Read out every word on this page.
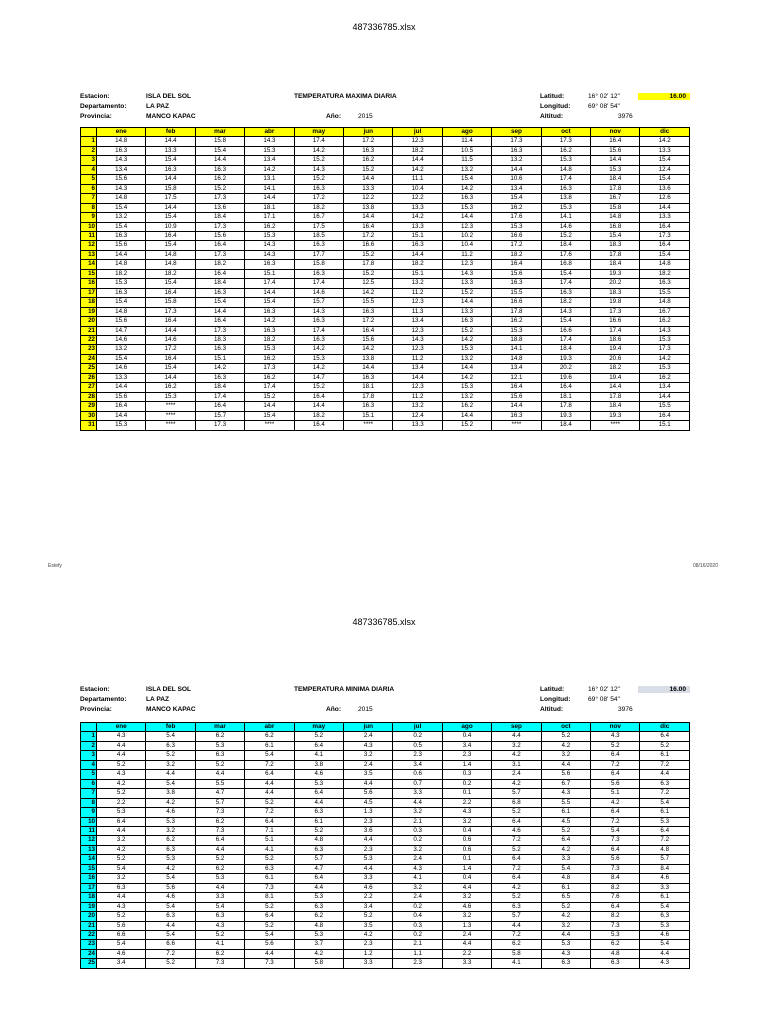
487336785.xlsx
Estacion:	ISLA DEL SOL	TEMPERATURA MAXIMA DIARIA	Latitud:	16° 02' 12''	16.00
Departamento:	LA PAZ	Longitud:	69° 08' 54''
Provincia:	MANCO KAPAC	Año:	2015	Altitud:	3976
	ene	feb	mar	abr	may	jun	jul	ago	sep	oct	nov	dic
1	14.8	14.4	15.8	14.3	17.4	17.2	12.3	11.4	17.3	17.3	16.4	14.2
2	16.3	13.3	15.4	15.3	14.2	16.3	18.2	10.5	16.3	16.2	15.6	13.3
3	14.3	15.4	14.4	13.4	15.2	16.2	14.4	11.5	13.2	15.3	14.4	15.4
4	13.4	16.3	16.3	14.2	14.3	15.2	14.2	13.2	14.4	14.8	15.3	12.4
5	15.6	14.4	16.2	13.1	15.2	14.4	11.1	15.4	10.6	17.4	18.4	15.4
6	14.3	15.8	15.2	14.1	16.3	13.3	10.4	14.2	13.4	16.3	17.8	13.6
7	14.8	17.5	17.3	14.4	17.2	12.2	12.2	16.3	15.4	13.8	16.7	12.6
8	15.4	14.4	13.6	18.1	18.2	13.8	13.3	15.3	16.2	15.3	15.8	14.4
9	13.2	15.4	18.4	17.1	16.7	14.4	14.2	14.4	17.6	14.1	14.8	13.3
10	15.4	10.9	17.3	16.2	17.5	16.4	13.3	12.3	15.3	14.6	16.8	16.4
11	16.3	16.4	15.6	15.3	18.5	17.2	15.1	10.2	16.6	15.2	15.4	17.3
12	15.6	15.4	16.4	14.3	16.3	16.6	16.3	10.4	17.2	18.4	18.3	16.4
13	14.4	14.8	17.3	14.3	17.7	15.2	14.4	11.2	18.2	17.6	17.8	15.4
14	14.8	14.8	18.2	16.3	15.8	17.8	18.2	12.3	16.4	16.8	18.4	14.8
15	18.2	18.2	16.4	15.1	16.3	15.2	15.1	14.3	15.6	15.4	19.3	18.2
16	15.3	15.4	18.4	17.4	17.4	12.5	13.2	13.3	16.3	17.4	20.2	16.3
17	16.3	16.4	16.3	14.4	14.6	14.2	11.2	15.2	15.5	16.3	18.3	15.5
18	15.4	15.8	15.4	15.4	15.7	15.5	12.3	14.4	16.6	18.2	19.8	14.8
19	14.8	17.3	14.4	16.3	14.3	16.3	11.3	13.3	17.8	14.3	17.3	16.7
20	15.6	16.4	16.4	14.2	16.3	17.2	13.4	16.3	16.2	15.4	16.6	16.2
21	14.7	14.4	17.3	16.3	17.4	16.4	12.3	15.2	15.3	16.6	17.4	14.3
22	14.6	14.6	18.3	18.2	16.3	15.6	14.3	14.2	18.8	17.4	18.6	15.3
23	13.2	17.2	16.3	15.3	14.2	14.2	12.3	15.3	14.1	18.4	19.4	17.3
24	15.4	16.4	15.1	16.2	15.3	13.8	11.2	13.2	14.8	19.3	20.6	14.2
25	14.6	15.4	14.2	17.3	14.2	14.4	13.4	14.4	13.4	20.2	18.2	15.3
26	13.3	14.4	16.3	16.2	14.7	16.3	14.4	14.2	12.1	19.6	19.4	16.2
27	14.4	16.2	18.4	17.4	15.2	18.1	12.3	15.3	16.4	16.4	14.4	13.4
28	15.6	15.3	17.4	15.2	16.4	17.8	11.2	13.2	15.6	18.1	17.8	14.4
29	16.4	****	16.4	14.4	14.4	16.3	13.2	16.2	14.4	17.8	18.4	15.5
30	14.4	****	15.7	15.4	18.2	15.1	12.4	14.4	16.3	19.3	19.3	16.4
31	15.3	****	17.3	****	16.4	****	13.3	15.2	****	18.4	****	15.1
Estefy	08/16/2020
487336785.xlsx
Estacion:	ISLA DEL SOL	TEMPERATURA MINIMA DIARIA	Latitud:	16° 02' 12''	16.00
Departamento:	LA PAZ	Longitud:	69° 08' 54''
Provincia:	MANCO KAPAC	Año:	2015	Altitud:	3976
	ene	feb	mar	abr	may	jun	jul	ago	sep	oct	nov	dic
1	4.3	5.4	6.2	6.2	5.2	2.4	0.2	0.4	4.4	5.2	4.3	6.4
2	4.4	6.3	5.3	6.1	6.4	4.3	0.5	3.4	3.2	4.2	5.2	5.2
3	4.4	5.2	6.3	5.4	4.1	3.2	2.3	2.3	4.2	3.2	6.4	6.1
4	5.2	3.2	5.2	7.2	3.8	2.4	3.4	1.4	3.1	4.4	7.2	7.2
5	4.3	4.4	4.4	6.4	4.6	3.5	0.6	0.3	2.4	5.6	6.4	4.4
6	4.2	5.4	5.5	4.4	5.3	4.4	0.7	0.2	4.2	6.7	5.6	6.3
7	5.2	3.8	4.7	4.4	6.4	5.6	3.3	0.1	5.7	4.3	5.1	7.2
8	2.2	4.2	5.7	5.2	4.4	4.5	4.4	2.2	6.8	5.5	4.2	5.4
9	5.3	4.6	7.3	7.2	6.3	1.3	3.2	4.3	5.2	6.1	6.4	6.1
10	6.4	5.3	6.2	6.4	6.1	2.3	2.1	3.2	6.4	4.5	7.2	5.3
11	4.4	3.2	7.3	7.1	5.2	3.6	0.3	0.4	4.6	5.2	5.4	6.4
12	3.2	6.2	6.4	5.1	4.8	4.4	0.2	0.6	7.2	6.4	7.3	7.2
13	4.2	6.3	4.4	4.1	6.3	2.3	3.2	0.6	5.2	4.2	6.4	4.8
14	5.2	5.3	5.2	5.2	5.7	5.3	2.4	0.1	6.4	3.3	5.6	5.7
15	5.4	4.2	6.2	6.3	4.7	4.4	4.3	1.4	7.2	5.4	7.3	8.4
16	3.2	5.4	5.3	6.1	6.4	3.3	4.1	0.4	6.4	4.8	8.4	4.6
17	6.3	5.6	4.4	7.3	4.4	4.6	3.2	4.4	4.2	6.1	8.2	3.3
18	4.4	4.6	3.3	8.1	5.3	2.2	2.4	3.2	5.2	6.5	7.6	6.1
19	4.3	5.4	5.4	5.2	6.3	3.4	0.2	4.6	6.3	5.2	6.4	5.4
20	5.2	6.3	6.3	6.4	6.2	5.2	0.4	3.2	5.7	4.2	8.2	6.3
21	5.6	4.4	4.3	5.2	4.8	3.5	0.3	1.3	4.4	3.2	7.3	5.3
22	6.6	5.4	5.2	5.4	5.3	4.2	0.2	2.4	7.2	4.4	5.3	4.6
23	5.4	6.6	4.1	5.6	3.7	2.3	2.1	4.4	6.2	5.3	6.2	5.4
24	4.6	7.2	6.2	4.4	4.2	1.2	1.1	2.2	5.8	4.3	4.8	4.4
25	3.4	5.2	7.3	7.3	5.8	3.3	2.3	3.3	4.1	6.3	6.3	4.3
